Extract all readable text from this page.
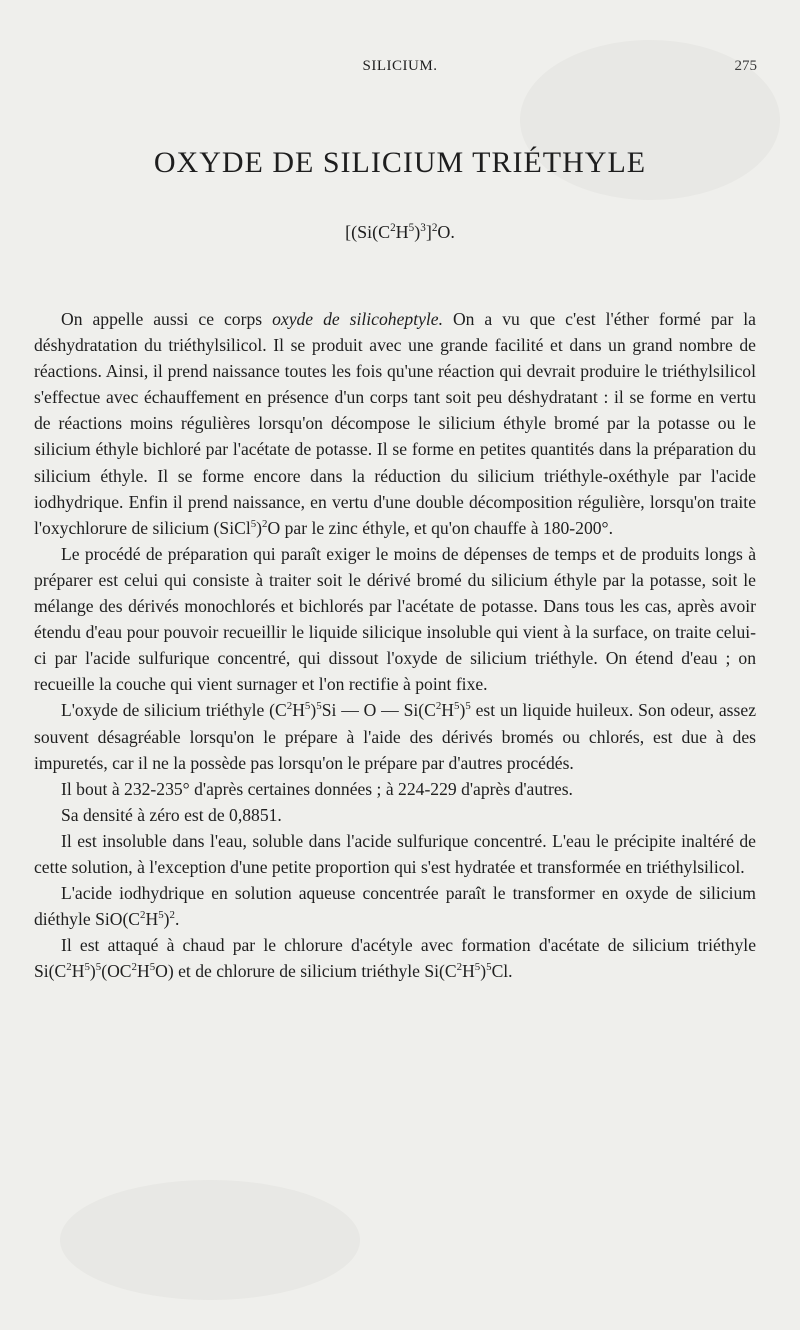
SILICIUM.	275
OXYDE DE SILICIUM TRIÉTHYLE
[$(Si(C^2H^5)^3]^2O$.

On appelle aussi ce corps oxyde de silicoheptyle. On a vu que c'est l'éther formé par la déshydratation du triéthylsilicol. Il se produit avec une grande facilité et dans un grand nombre de réactions. Ainsi, il prend naissance toutes les fois qu'une réaction qui devrait produire le triéthylsilicol s'effectue avec échauffement en présence d'un corps tant soit peu déshydratant : il se forme en vertu de réactions moins régulières lorsqu'on décompose le silicium éthyle bromé par la potasse ou le silicium éthyle bichloré par l'acétate de potasse. Il se forme en petites quantités dans la préparation du silicium éthyle. Il se forme encore dans la réduction du silicium triéthyle-oxéthyle par l'acide iodhydrique. Enfin il prend naissance, en vertu d'une double décomposition régulière, lorsqu'on traite l'oxychlorure de silicium (SiCl$^5$)$^2$O par le zinc éthyle, et qu'on chauffe à 180-200°.

Le procédé de préparation qui paraît exiger le moins de dépenses de temps et de produits longs à préparer est celui qui consiste à traiter soit le dérivé bromé du silicium éthyle par la potasse, soit le mélange des dérivés monochlorés et bichlorés par l'acétate de potasse. Dans tous les cas, après avoir étendu d'eau pour pouvoir recueillir le liquide silicique insoluble qui vient à la surface, on traite celui-ci par l'acide sulfurique concentré, qui dissout l'oxyde de silicium triéthyle. On étend d'eau ; on recueille la couche qui vient surnager et l'on rectifie à point fixe.

L'oxyde de silicium triéthyle $(C^2H^5)^5Si$ — O — $Si(C^2H^5)^5$ est un liquide huileux. Son odeur, assez souvent désagréable lorsqu'on le prépare à l'aide des dérivés bromés ou chlorés, est due à des impuretés, car il ne la possède pas lorsqu'on le prépare par d'autres procédés.

Il bout à 232-235° d'après certaines données ; à 224-229 d'après d'autres.

Sa densité à zéro est de 0,8851.

Il est insoluble dans l'eau, soluble dans l'acide sulfurique concentré. L'eau le précipite inaltéré de cette solution, à l'exception d'une petite proportion qui s'est hydratée et transformée en triéthylsilicol.

L'acide iodhydrique en solution aqueuse concentrée paraît le transformer en oxyde de silicium diéthyle $SiO(C^2H^5)^2$.

Il est attaqué à chaud par le chlorure d'acétyle avec formation d'acétate de silicium triéthyle $Si(C^2H^5)^5(OC^2H^5O)$ et de chlorure de silicium triéthyle $Si(C^2H^5)^5Cl$.
